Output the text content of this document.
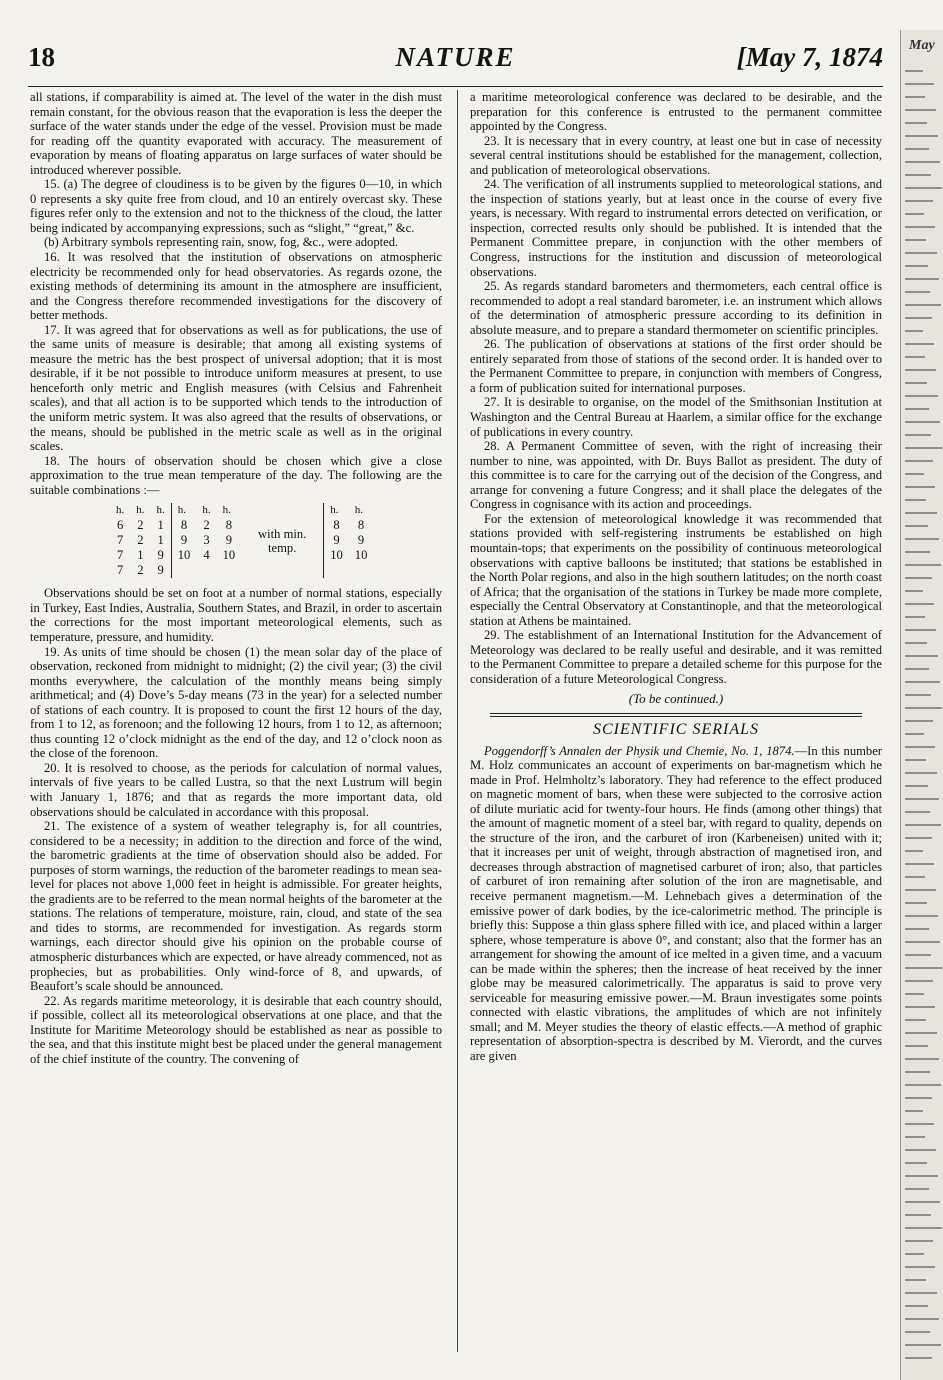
18	NATURE	[May 7, 1874

all stations, if comparability is aimed at. The level of the water in the dish must remain constant, for the obvious reason that the evaporation is less the deeper the surface of the water stands under the edge of the vessel. Provision must be made for reading off the quantity evaporated with accuracy. The measurement of evaporation by means of floating apparatus on large surfaces of water should be introduced wherever possible.

15. (a) The degree of cloudiness is to be given by the figures 0—10, in which 0 represents a sky quite free from cloud, and 10 an entirely overcast sky. These figures refer only to the extension and not to the thickness of the cloud, the latter being indicated by accompanying expressions, such as “slight,” “great,” &c.

(b) Arbitrary symbols representing rain, snow, fog, &c., were adopted.

16. It was resolved that the institution of observations on atmospheric electricity be recommended only for head observatories. As regards ozone, the existing methods of determining its amount in the atmosphere are insufficient, and the Congress therefore recommended investigations for the discovery of better methods.

17. It was agreed that for observations as well as for publications, the use of the same units of measure is desirable; that among all existing systems of measure the metric has the best prospect of universal adoption; that it is most desirable, if it be not possible to introduce uniform measures at present, to use henceforth only metric and English measures (with Celsius and Fahrenheit scales), and that all action is to be supported which tends to the introduction of the uniform metric system. It was also agreed that the results of observations, or the means, should be published in the metric scale as well as in the original scales.

18. The hours of observation should be chosen which give a close approximation to the true mean temperature of the day. The following are the suitable combinations :—

h.	h.	h.	h.	h.	h.		h.	h.
6	2	1	8	2	8	with min. temp.	8	8
7	2	1	9	3	9		9	9
7	1	9	10	4	10		10	10
7	2	9						

Observations should be set on foot at a number of normal stations, especially in Turkey, East Indies, Australia, Southern States, and Brazil, in order to ascertain the corrections for the most important meteorological elements, such as temperature, pressure, and humidity.

19. As units of time should be chosen (1) the mean solar day of the place of observation, reckoned from midnight to midnight; (2) the civil year; (3) the civil months everywhere, the calculation of the monthly means being simply arithmetical; and (4) Dove’s 5-day means (73 in the year) for a selected number of stations of each country. It is proposed to count the first 12 hours of the day, from 1 to 12, as forenoon; and the following 12 hours, from 1 to 12, as afternoon; thus counting 12 o’clock midnight as the end of the day, and 12 o’clock noon as the close of the forenoon.

20. It is resolved to choose, as the periods for calculation of normal values, intervals of five years to be called Lustra, so that the next Lustrum will begin with January 1, 1876; and that as regards the more important data, old observations should be calculated in accordance with this proposal.

21. The existence of a system of weather telegraphy is, for all countries, considered to be a necessity; in addition to the direction and force of the wind, the barometric gradients at the time of observation should also be added. For purposes of storm warnings, the reduction of the barometer readings to mean sea-level for places not above 1,000 feet in height is admissible. For greater heights, the gradients are to be referred to the mean normal heights of the barometer at the stations. The relations of temperature, moisture, rain, cloud, and state of the sea and tides to storms, are recommended for investigation. As regards storm warnings, each director should give his opinion on the probable course of atmospheric disturbances which are expected, or have already commenced, not as prophecies, but as probabilities. Only wind-force of 8, and upwards, of Beaufort’s scale should be announced.

22. As regards maritime meteorology, it is desirable that each country should, if possible, collect all its meteorological observations at one place, and that the Institute for Maritime Meteorology should be established as near as possible to the sea, and that this institute might best be placed under the general management of the chief institute of the country. The convening of

a maritime meteorological conference was declared to be desirable, and the preparation for this conference is entrusted to the permanent committee appointed by the Congress.

23. It is necessary that in every country, at least one but in case of necessity several central institutions should be established for the management, collection, and publication of meteorological observations.

24. The verification of all instruments supplied to meteorological stations, and the inspection of stations yearly, but at least once in the course of every five years, is necessary. With regard to instrumental errors detected on verification, or inspection, corrected results only should be published. It is intended that the Permanent Committee prepare, in conjunction with the other members of Congress, instructions for the institution and discussion of meteorological observations.

25. As regards standard barometers and thermometers, each central office is recommended to adopt a real standard barometer, i.e. an instrument which allows of the determination of atmospheric pressure according to its definition in absolute measure, and to prepare a standard thermometer on scientific principles.

26. The publication of observations at stations of the first order should be entirely separated from those of stations of the second order. It is handed over to the Permanent Committee to prepare, in conjunction with members of Congress, a form of publication suited for international purposes.

27. It is desirable to organise, on the model of the Smithsonian Institution at Washington and the Central Bureau at Haarlem, a similar office for the exchange of publications in every country.

28. A Permanent Committee of seven, with the right of increasing their number to nine, was appointed, with Dr. Buys Ballot as president. The duty of this committee is to care for the carrying out of the decision of the Congress, and arrange for convening a future Congress; and it shall place the delegates of the Congress in cognisance with its action and proceedings.

For the extension of meteorological knowledge it was recommended that stations provided with self-registering instruments be established on high mountain-tops; that experiments on the possibility of continuous meteorological observations with captive balloons be instituted; that stations be established in the North Polar regions, and also in the high southern latitudes; on the north coast of Africa; that the organisation of the stations in Turkey be made more complete, especially the Central Observatory at Constantinople, and that the meteorological station at Athens be maintained.

29. The establishment of an International Institution for the Advancement of Meteorology was declared to be really useful and desirable, and it was remitted to the Permanent Committee to prepare a detailed scheme for this purpose for the consideration of a future Meteorological Congress.

(To be continued.)
SCIENTIFIC SERIALS

Poggendorff’s Annalen der Physik und Chemie, No. 1, 1874.—In this number M. Holz communicates an account of experiments on bar-magnetism which he made in Prof. Helmholtz’s laboratory. They had reference to the effect produced on magnetic moment of bars, when these were subjected to the corrosive action of dilute muriatic acid for twenty-four hours. He finds (among other things) that the amount of magnetic moment of a steel bar, with regard to quality, depends on the structure of the iron, and the carburet of iron (Karbeneisen) united with it; that it increases per unit of weight, through abstraction of magnetised iron, and decreases through abstraction of magnetised carburet of iron; also, that particles of carburet of iron remaining after solution of the iron are magnetisable, and receive permanent magnetism.—M. Lehnebach gives a determination of the emissive power of dark bodies, by the ice-calorimetric method. The principle is briefly this: Suppose a thin glass sphere filled with ice, and placed within a larger sphere, whose temperature is above 0°, and constant; also that the former has an arrangement for showing the amount of ice melted in a given time, and a vacuum can be made within the spheres; then the increase of heat received by the inner globe may be measured calorimetrically. The apparatus is said to prove very serviceable for measuring emissive power.—M. Braun investigates some points connected with elastic vibrations, the amplitudes of which are not infinitely small; and M. Meyer studies the theory of elastic effects.—A method of graphic representation of absorption-spectra is described by M. Vierordt, and the curves are given

May
